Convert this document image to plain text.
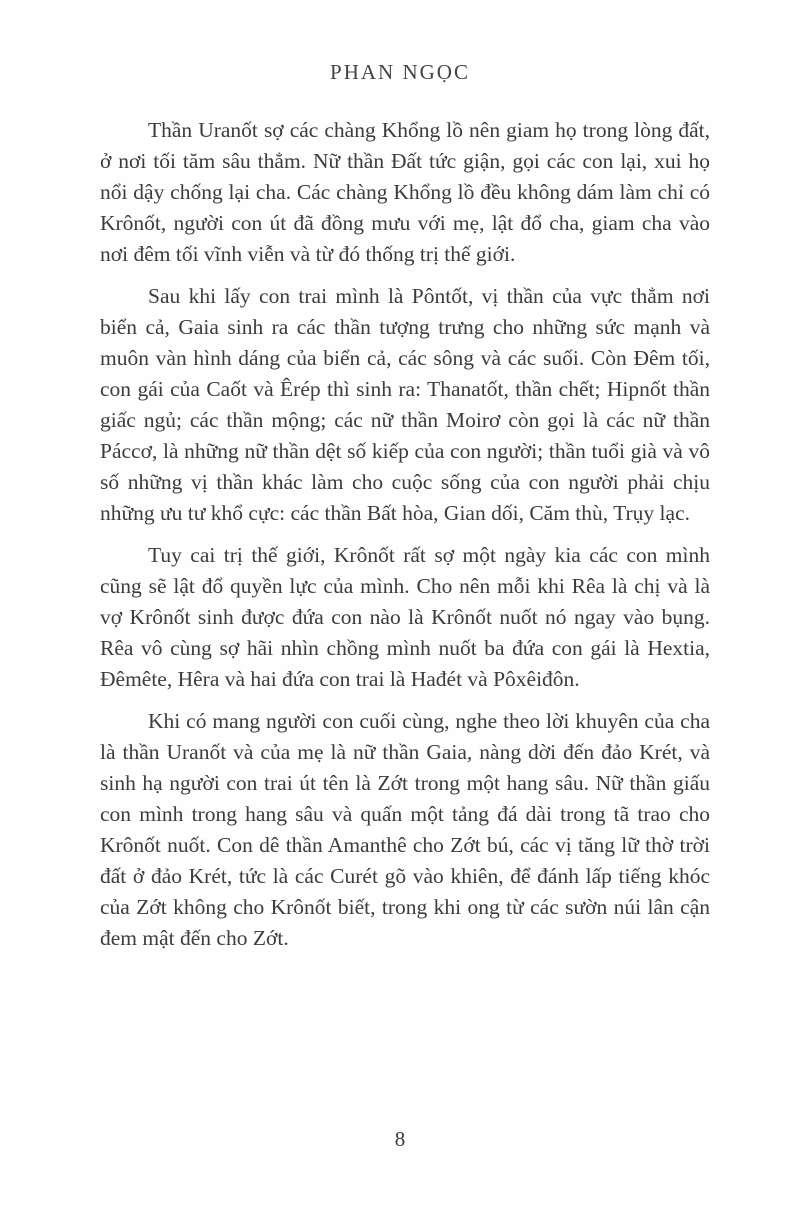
PHAN NGỌC

Thần Uranốt sợ các chàng Khổng lồ nên giam họ trong lòng đất, ở nơi tối tăm sâu thẳm. Nữ thần Đất tức giận, gọi các con lại, xui họ nổi dậy chống lại cha. Các chàng Khổng lồ đều không dám làm chỉ có Krônốt, người con út đã đồng mưu với mẹ, lật đổ cha, giam cha vào nơi đêm tối vĩnh viễn và từ đó thống trị thế giới.

Sau khi lấy con trai mình là Pôntốt, vị thần của vực thẳm nơi biển cả, Gaia sinh ra các thần tượng trưng cho những sức mạnh và muôn vàn hình dáng của biển cả, các sông và các suối. Còn Đêm tối, con gái của Caốt và Êrép thì sinh ra: Thanatốt, thần chết; Hipnốt thần giấc ngủ; các thần mộng; các nữ thần Moirơ còn gọi là các nữ thần Páccơ, là những nữ thần dệt số kiếp của con người; thần tuổi già và vô số những vị thần khác làm cho cuộc sống của con người phải chịu những ưu tư khổ cực: các thần Bất hòa, Gian dối, Căm thù, Trụy lạc.

Tuy cai trị thế giới, Krônốt rất sợ một ngày kia các con mình cũng sẽ lật đổ quyền lực của mình. Cho nên mỗi khi Rêa là chị và là vợ Krônốt sinh được đứa con nào là Krônốt nuốt nó ngay vào bụng. Rêa vô cùng sợ hãi nhìn chồng mình nuốt ba đứa con gái là Hextia, Đêmête, Hêra và hai đứa con trai là Hađét và Pôxêiđôn.

Khi có mang người con cuối cùng, nghe theo lời khuyên của cha là thần Uranốt và của mẹ là nữ thần Gaia, nàng dời đến đảo Krét, và sinh hạ người con trai út tên là Zớt trong một hang sâu. Nữ thần giấu con mình trong hang sâu và quấn một tảng đá dài trong tã trao cho Krônốt nuốt. Con dê thần Amanthê cho Zớt bú, các vị tăng lữ thờ trời đất ở đảo Krét, tức là các Curét gõ vào khiên, để đánh lấp tiếng khóc của Zớt không cho Krônốt biết, trong khi ong từ các sườn núi lân cận đem mật đến cho Zớt.

8
